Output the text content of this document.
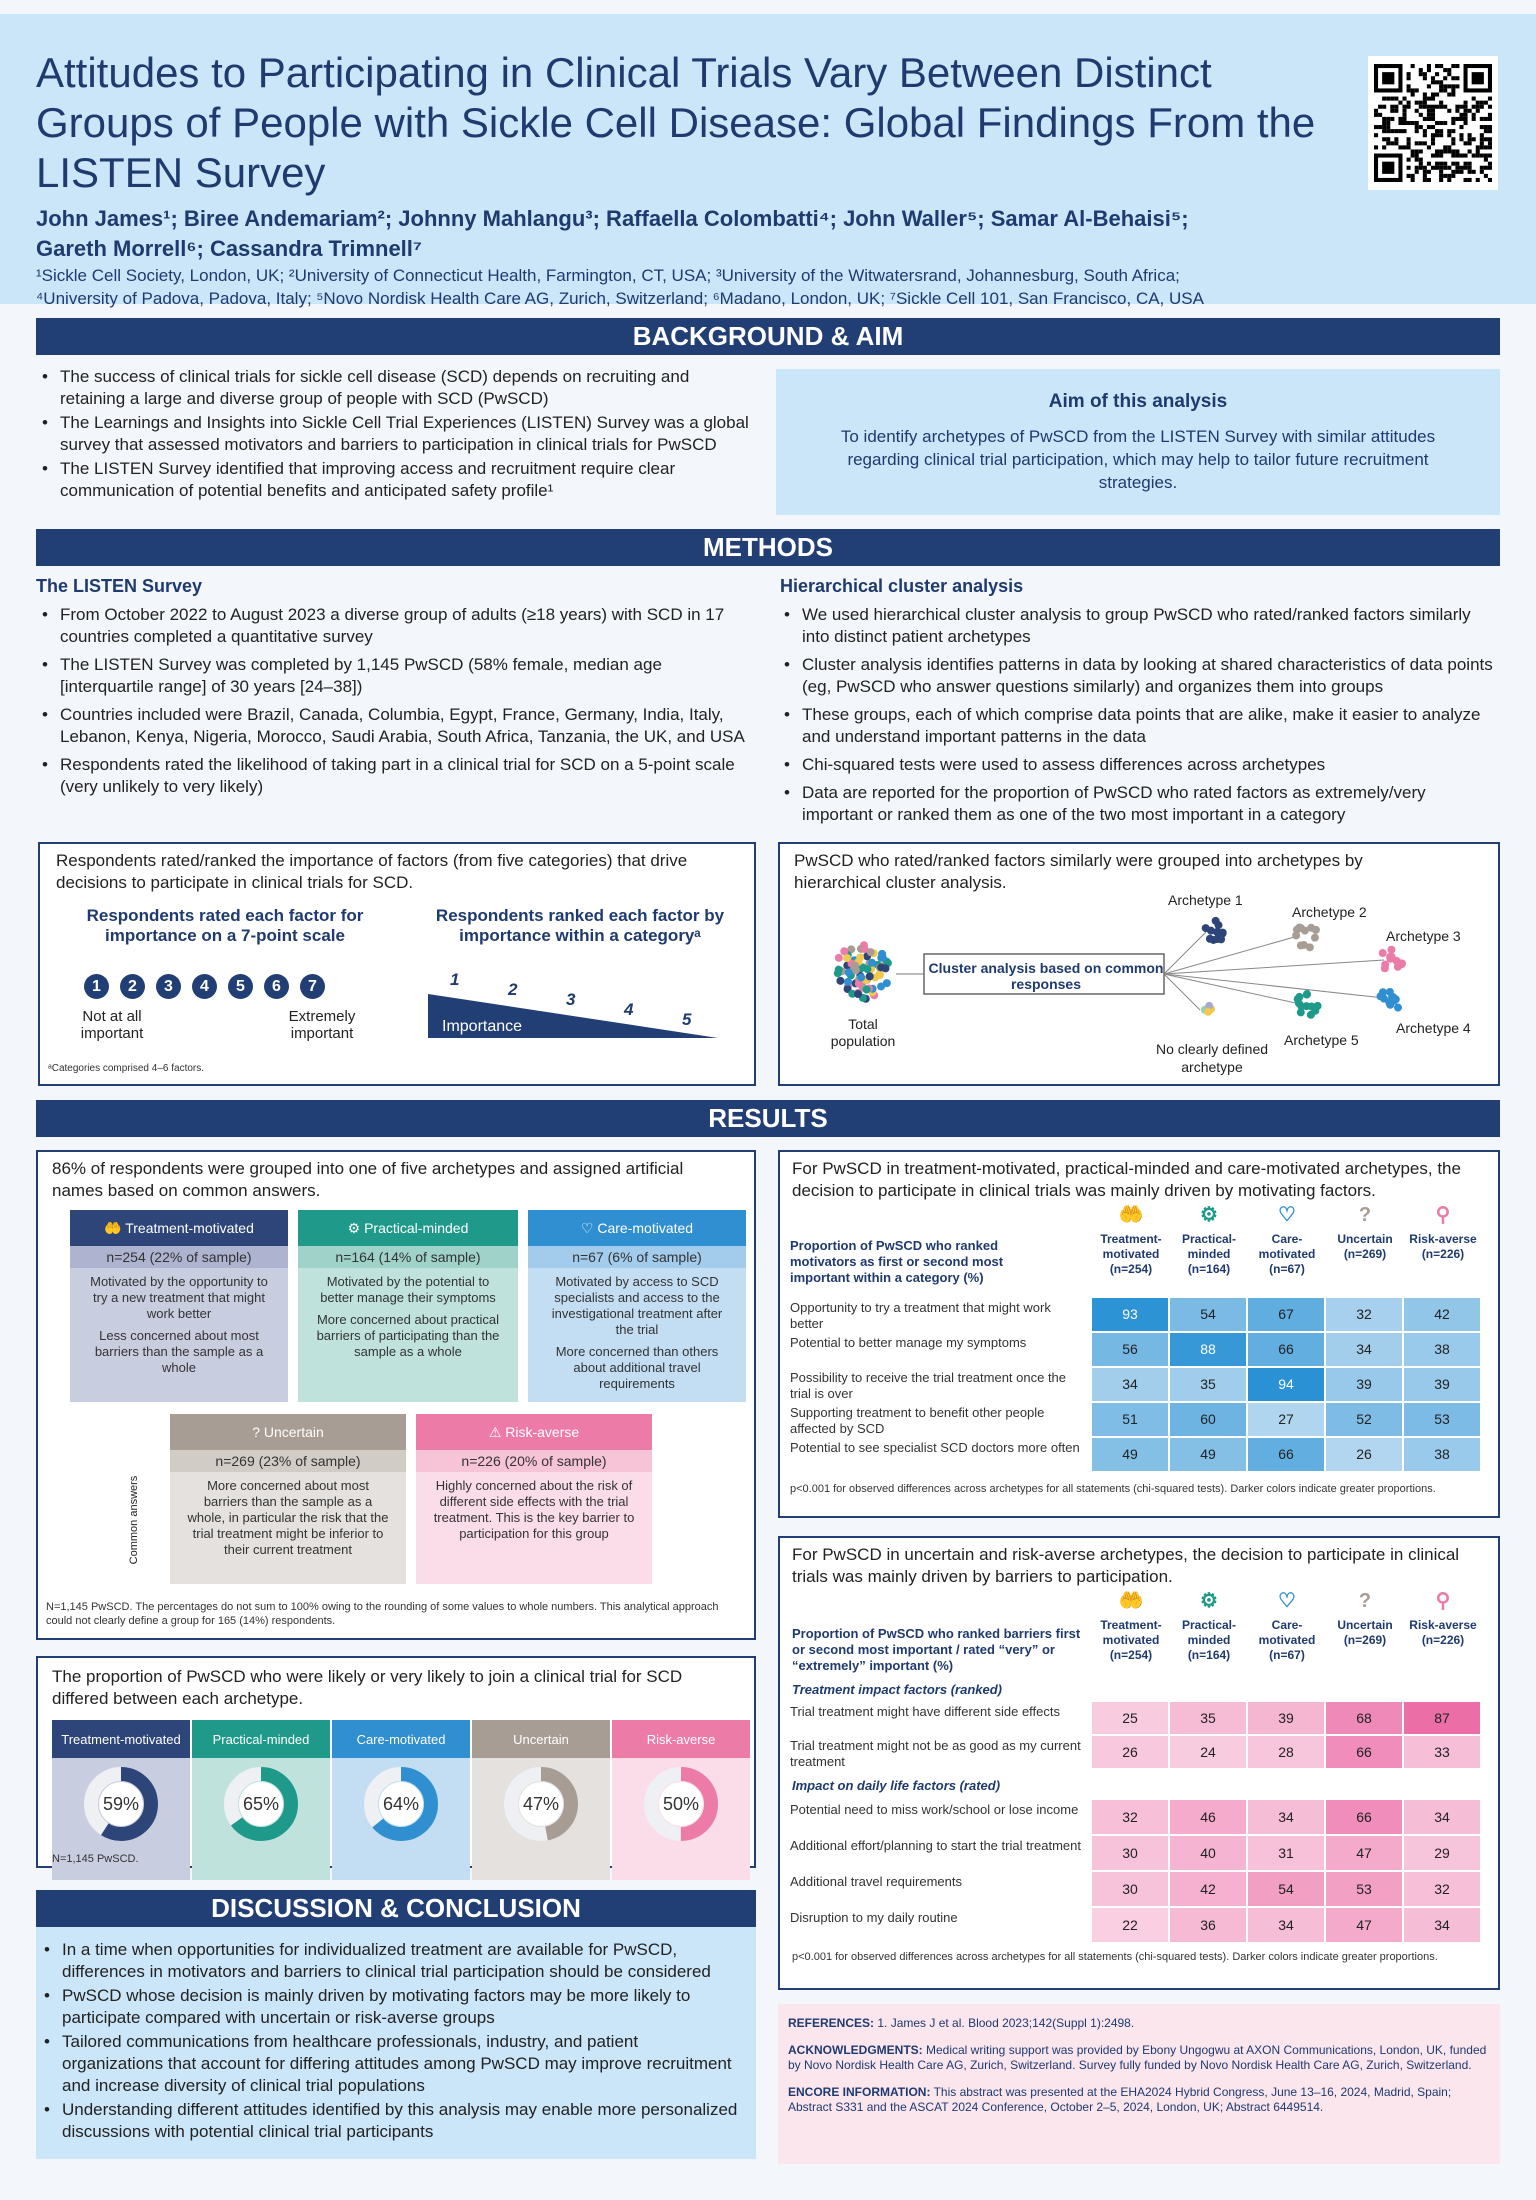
Attitudes to Participating in Clinical Trials Vary Between Distinct Groups of People with Sickle Cell Disease: Global Findings From the LISTEN Survey
John James¹; Biree Andemariam²; Johnny Mahlangu³; Raffaella Colombatti⁴; John Waller⁵; Samar Al-Behaisi⁵;
Gareth Morrell⁶; Cassandra Trimnell⁷
¹Sickle Cell Society, London, UK; ²University of Connecticut Health, Farmington, CT, USA; ³University of the Witwatersrand, Johannesburg, South Africa;
⁴University of Padova, Padova, Italy; ⁵Novo Nordisk Health Care AG, Zurich, Switzerland; ⁶Madano, London, UK; ⁷Sickle Cell 101, San Francisco, CA, USA
BACKGROUND & AIM
• The success of clinical trials for sickle cell disease (SCD) depends on recruiting and retaining a large and diverse group of people with SCD (PwSCD)
• The Learnings and Insights into Sickle Cell Trial Experiences (LISTEN) Survey was a global survey that assessed motivators and barriers to participation in clinical trials for PwSCD
• The LISTEN Survey identified that improving access and recruitment require clear communication of potential benefits and anticipated safety profile¹
Aim of this analysis
To identify archetypes of PwSCD from the LISTEN Survey with similar attitudes regarding clinical trial participation, which may help to tailor future recruitment strategies.
METHODS
The LISTEN Survey
• From October 2022 to August 2023 a diverse group of adults (≥18 years) with SCD in 17 countries completed a quantitative survey
• The LISTEN Survey was completed by 1,145 PwSCD (58% female, median age [interquartile range] of 30 years [24–38])
• Countries included were Brazil, Canada, Columbia, Egypt, France, Germany, India, Italy, Lebanon, Kenya, Nigeria, Morocco, Saudi Arabia, South Africa, Tanzania, the UK, and USA
• Respondents rated the likelihood of taking part in a clinical trial for SCD on a 5-point scale (very unlikely to very likely)
Hierarchical cluster analysis
• We used hierarchical cluster analysis to group PwSCD who rated/ranked factors similarly into distinct patient archetypes
• Cluster analysis identifies patterns in data by looking at shared characteristics of data points (eg, PwSCD who answer questions similarly) and organizes them into groups
• These groups, each of which comprise data points that are alike, make it easier to analyze and understand important patterns in the data
• Chi-squared tests were used to assess differences across archetypes
• Data are reported for the proportion of PwSCD who rated factors as extremely/very important or ranked them as one of the two most important in a category
Respondents rated/ranked the importance of factors (from five categories) that drive decisions to participate in clinical trials for SCD.
Respondents rated each factor for importance on a 7-point scale
Respondents ranked each factor by importance within a categoryᵃ
1 2 3 4 5 6 7
Not at all important
Extremely important	Importance
1
2
3
4
5
ᵃCategories comprised 4–6 factors.
PwSCD who rated/ranked factors similarly were grouped into archetypes by hierarchical cluster analysis.
Cluster analysis based on common responses
Total population	No clearly defined archetype
Archetype 1
Archetype 2
Archetype 3
Archetype 4
Archetype 5
RESULTS
86% of respondents were grouped into one of five archetypes and assigned artificial names based on common answers.
Common answers
🤲 Treatment-motivated
n=254 (22% of sample)
Motivated by the opportunity to try a new treatment that might work better
Less concerned about most barriers than the sample as a whole
⚙ Practical-minded
n=164 (14% of sample)
Motivated by the potential to better manage their symptoms
More concerned about practical barriers of participating than the sample as a whole
♡ Care-motivated
n=67 (6% of sample)
Motivated by access to SCD specialists and access to the investigational treatment after the trial
More concerned than others about additional travel requirements
? Uncertain
n=269 (23% of sample)
More concerned about most barriers than the sample as a whole, in particular the risk that the trial treatment might be inferior to their current treatment
⚠ Risk-averse
n=226 (20% of sample)
Highly concerned about the risk of different side effects with the trial treatment. This is the key barrier to participation for this group
N=1,145 PwSCD. The percentages do not sum to 100% owing to the rounding of some values to whole numbers. This analytical approach could not clearly define a group for 165 (14%) respondents.
The proportion of PwSCD who were likely or very likely to join a clinical trial for SCD differed between each archetype.
Treatment-motivated
59%
Practical-minded
65%
Care-motivated
64%
Uncertain
47%
Risk-averse
50%
N=1,145 PwSCD.
DISCUSSION & CONCLUSION
• In a time when opportunities for individualized treatment are available for PwSCD, differences in motivators and barriers to clinical trial participation should be considered
• PwSCD whose decision is mainly driven by motivating factors may be more likely to participate compared with uncertain or risk-averse groups
• Tailored communications from healthcare professionals, industry, and patient organizations that account for differing attitudes among PwSCD may improve recruitment and increase diversity of clinical trial populations
• Understanding different attitudes identified by this analysis may enable more personalized discussions with potential clinical trial participants
For PwSCD in treatment-motivated, practical-minded and care-motivated archetypes, the decision to participate in clinical trials was mainly driven by motivating factors.
Proportion of PwSCD who ranked motivators as first or second most important within a category (%)
p<0.001 for observed differences across archetypes for all statements (chi-squared tests). Darker colors indicate greater proportions.
🤲
Treatment-motivated
(n=254)
⚙
Practical-minded
(n=164)
♡
Care-motivated
(n=67)
?
Uncertain
(n=269)
⚲
Risk-averse
(n=226)
Opportunity to try a treatment that might work better
93	54	67	32	42
Potential to better manage my symptoms	56	88	66	34	38
Possibility to receive the trial treatment once the trial is over
34	35	94	39	39
Supporting treatment to benefit other people affected by SCD
51	60	27	52	53
Potential to see specialist SCD doctors more often	49	49	66	26	38
For PwSCD in uncertain and risk-averse archetypes, the decision to participate in clinical trials was mainly driven by barriers to participation.
Proportion of PwSCD who ranked barriers first or second most important / rated “very” or “extremely” important (%)
Treatment impact factors (ranked)
Impact on daily life factors (rated)
p<0.001 for observed differences across archetypes for all statements (chi-squared tests). Darker colors indicate greater proportions.
🤲
Treatment-motivated
(n=254)
⚙
Practical-minded
(n=164)
♡
Care-motivated
(n=67)
?
Uncertain
(n=269)
⚲
Risk-averse
(n=226)
Trial treatment might have different side effects	25	35	39	68	87
Trial treatment might not be as good as my current treatment
26	24	28	66	33
Potential need to miss work/school or lose income	32	46	34	66	34
Additional effort/planning to start the trial treatment	30	40	31	47	29
Additional travel requirements	30	42	54	53	32
Disruption to my daily routine	22	36	34	47	34
REFERENCES: 1. James J et al. Blood 2023;142(Suppl 1):2498.
ACKNOWLEDGMENTS: Medical writing support was provided by Ebony Ungogwu at AXON Communications, London, UK, funded by Novo Nordisk Health Care AG, Zurich, Switzerland. Survey fully funded by Novo Nordisk Health Care AG, Zurich, Switzerland.
ENCORE INFORMATION: This abstract was presented at the EHA2024 Hybrid Congress, June 13–16, 2024, Madrid, Spain; Abstract S331 and the ASCAT 2024 Conference, October 2–5, 2024, London, UK; Abstract 6449514.
